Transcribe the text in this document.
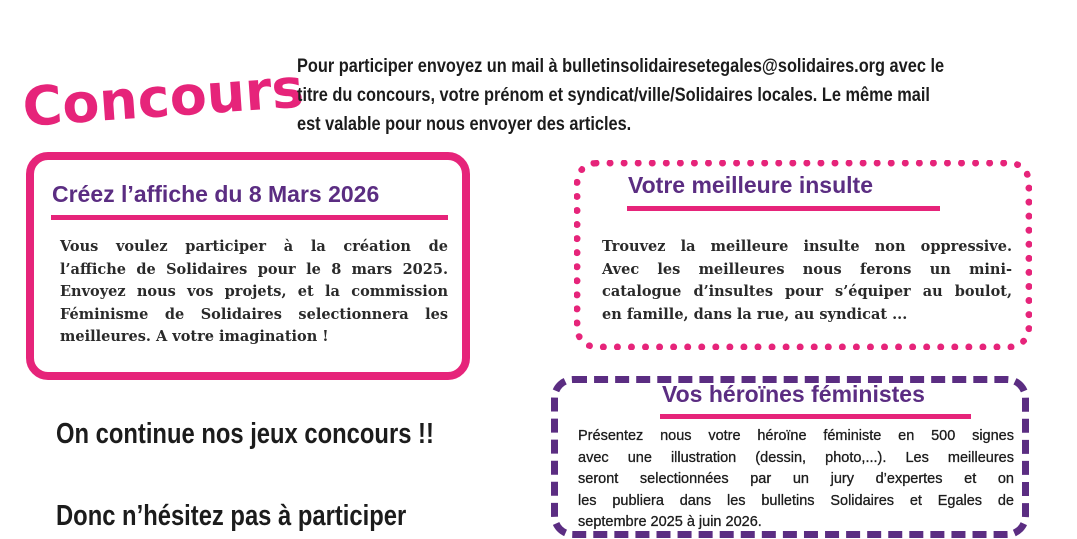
Concours
Pour participer envoyez un mail à bulletinsolidairesetegales@solidaires.org avec le
titre du concours, votre prénom et syndicat/ville/Solidaires locales. Le même mail
est valable pour nous envoyer des articles.
Créez l’affiche du 8 Mars 2026
Vous voulez participer à la création de
l’affiche de Solidaires pour le 8 mars 2025.
Envoyez nous vos projets, et la commission
Féminisme de Solidaires selectionnera les
meilleures. A votre imagination !
Votre meilleure insulte
Trouvez la meilleure insulte non oppressive.
Avec les meilleures nous ferons un mini-
catalogue d’insultes pour s’équiper au boulot,
en famille, dans la rue, au syndicat ...
Vos héroïnes féministes
Présentez nous votre héroïne féministe en 500 signes
avec une illustration (dessin, photo,...). Les meilleures
seront selectionnées par un jury d’expertes et on
les publiera dans les bulletins Solidaires et Egales de
septembre 2025 à juin 2026.
On continue nos jeux concours !!
Donc n’hésitez pas à participer
